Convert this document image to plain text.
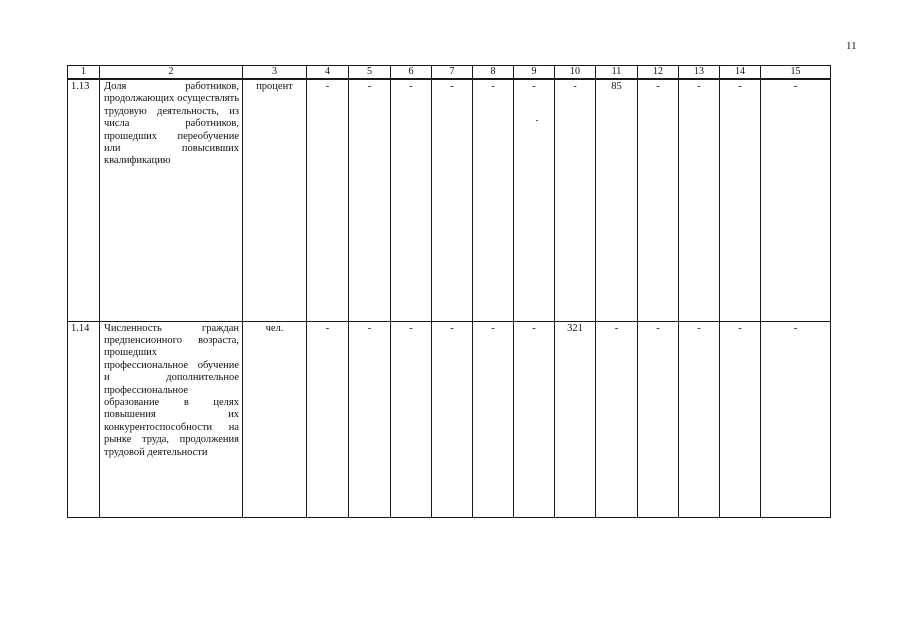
11
1	2	3	4	5	6	7	8	9	10	11	12	13	14	15
1.13	Доля работников, продолжающих осуществлять трудовую деятельность, из числа работников, прошедших переобучение или повысивших квалификацию	процент	-	-	-	-	-	-	-	85	-	-	-	-
1.14	Численность граждан предпенсионного возраста, прошедших профессиональное обучение и дополнительное профессиональное образование в целях повышения их конкурентоспособности на рынке труда, продолжения трудовой деятельности	чел.	-	-	-	-	-	-	321	-	-	-	-	-
